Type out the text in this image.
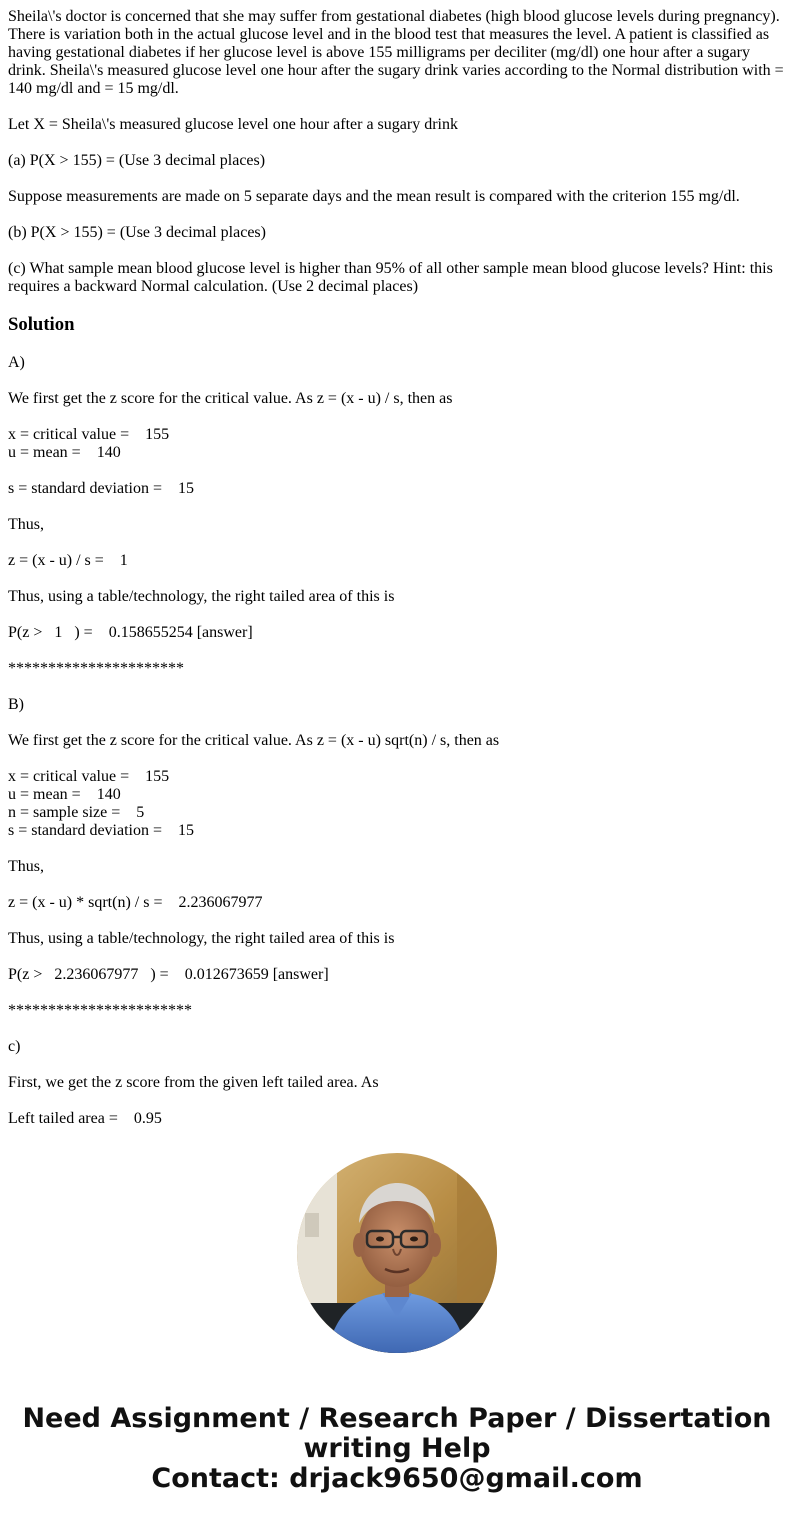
Sheila\'s doctor is concerned that she may suffer from gestational diabetes (high blood glucose levels during pregnancy). There is variation both in the actual glucose level and in the blood test that measures the level. A patient is classified as having gestational diabetes if her glucose level is above 155 milligrams per deciliter (mg/dl) one hour after a sugary drink. Sheila\'s measured glucose level one hour after the sugary drink varies according to the Normal distribution with = 140 mg/dl and = 15 mg/dl.

Let X = Sheila\'s measured glucose level one hour after a sugary drink

(a) P(X > 155) = (Use 3 decimal places)

Suppose measurements are made on 5 separate days and the mean result is compared with the criterion 155 mg/dl.

(b) P(X > 155) = (Use 3 decimal places)

(c) What sample mean blood glucose level is higher than 95% of all other sample mean blood glucose levels? Hint: this requires a backward Normal calculation. (Use 2 decimal places)

Solution

A)

We first get the z score for the critical value. As z = (x - u) / s, then as

x = critical value =    155
u = mean =    140

s = standard deviation =    15

Thus,

z = (x - u) / s =    1

Thus, using a table/technology, the right tailed area of this is

P(z >   1   ) =    0.158655254 [answer]

**********************

B)

We first get the z score for the critical value. As z = (x - u) sqrt(n) / s, then as

x = critical value =    155
u = mean =    140
n = sample size =    5
s = standard deviation =    15

Thus,

z = (x - u) * sqrt(n) / s =    2.236067977

Thus, using a table/technology, the right tailed area of this is

P(z >   2.236067977   ) =    0.012673659 [answer]

***********************

c)

First, we get the z score from the given left tailed area. As

Left tailed area =    0.95

Need Assignment / Research Paper / Dissertation
writing Help
Contact: drjack9650@gmail.com
